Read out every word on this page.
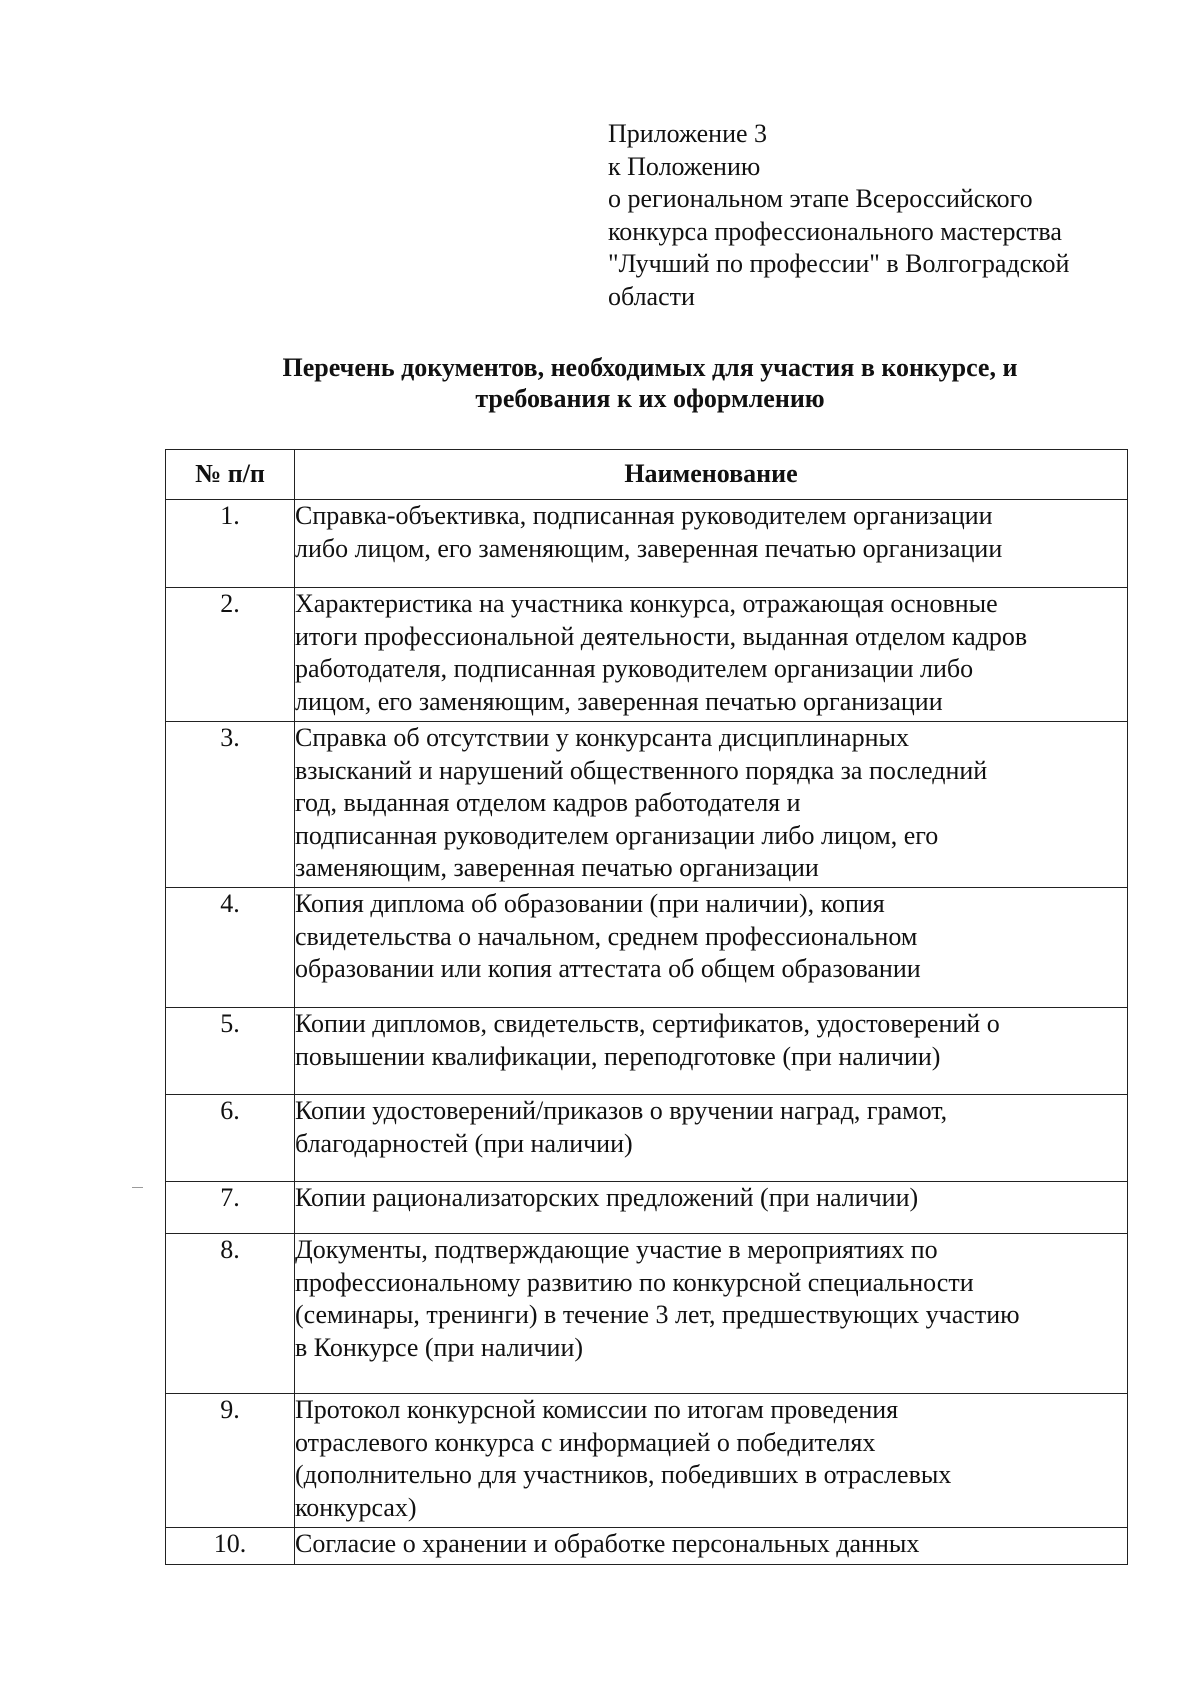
Приложение 3
к Положению
о региональном этапе Всероссийского
конкурса профессионального мастерства
"Лучший по профессии" в Волгоградской
области
Перечень документов, необходимых для участия в конкурсе, и
требования к их оформлению
№ п/п	Наименование
1.	Справка-объективка, подписанная руководителем организации
либо лицом, его заменяющим, заверенная печатью организации

2.	Характеристика на участника конкурса, отражающая основные
итоги профессиональной деятельности, выданная отделом кадров
работодателя, подписанная руководителем организации либо
лицом, его заменяющим, заверенная печатью организации

3.	Справка об отсутствии у конкурсанта дисциплинарных
взысканий и нарушений общественного порядка за последний
год, выданная отделом кадров работодателя и
подписанная руководителем организации либо лицом, его
заменяющим, заверенная печатью организации

4.	Копия диплома об образовании (при наличии), копия
свидетельства о начальном, среднем профессиональном
образовании или копия аттестата об общем образовании

5.	Копии дипломов, свидетельств, сертификатов, удостоверений о
повышении квалификации, переподготовке (при наличии)

6.	Копии удостоверений/приказов о вручении наград, грамот,
благодарностей (при наличии)

7.	Копии рационализаторских предложений (при наличии)

8.	Документы, подтверждающие участие в мероприятиях по
профессиональному развитию по конкурсной специальности
(семинары, тренинги) в течение 3 лет, предшествующих участию
в Конкурсе (при наличии)

9.	Протокол конкурсной комиссии по итогам проведения
отраслевого конкурса с информацией о победителях
(дополнительно для участников, победивших в отраслевых
конкурсах)

10.	Согласие о хранении и обработке персональных данных
